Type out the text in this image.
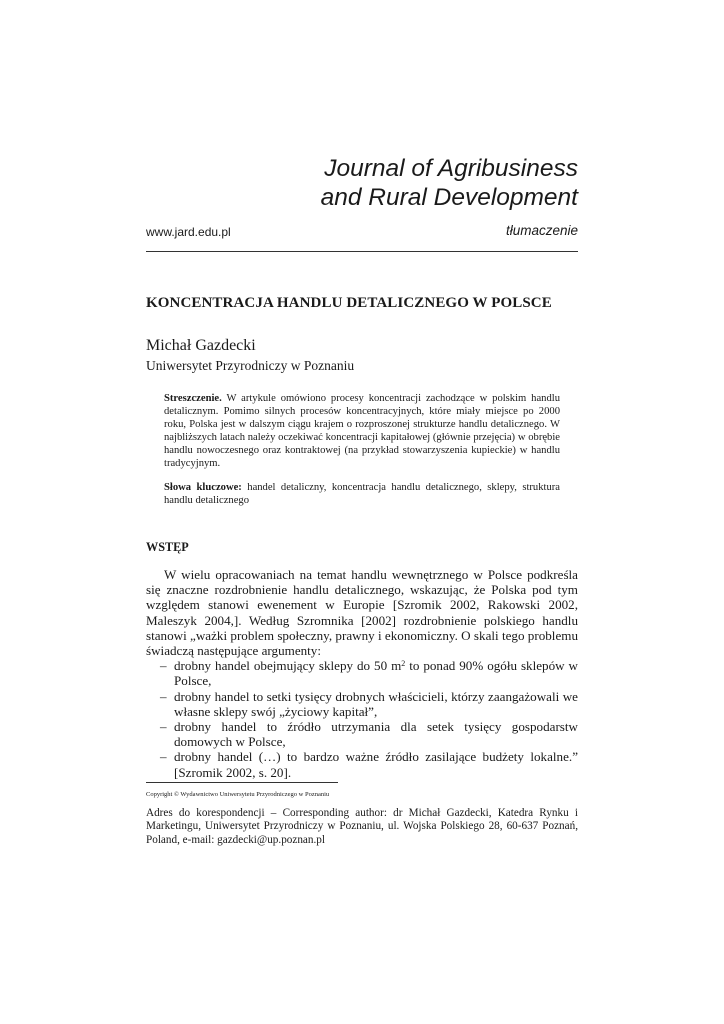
Journal of Agribusiness
and Rural Development
www.jard.edu.pl	tłumaczenie
KONCENTRACJA HANDLU DETALICZNEGO W POLSCE
Michał Gazdecki
Uniwersytet Przyrodniczy w Poznaniu
Streszczenie. W artykule omówiono procesy koncentracji zachodzące w polskim handlu detalicznym. Pomimo silnych procesów koncentracyjnych, które miały miejsce po 2000 roku, Polska jest w dalszym ciągu krajem o rozproszonej strukturze handlu detalicznego. W najbliższych latach należy oczekiwać koncentracji kapitałowej (głównie przejęcia) w obrębie handlu nowoczesnego oraz kontraktowej (na przykład stowarzyszenia kupieckie) w handlu tradycyjnym.
Słowa kluczowe: handel detaliczny, koncentracja handlu detalicznego, sklepy, struktura handlu detalicznego
WSTĘP

W wielu opracowaniach na temat handlu wewnętrznego w Polsce podkreśla się znaczne rozdrobnienie handlu detalicznego, wskazując, że Polska pod tym względem stanowi ewenement w Europie [Szromik 2002, Rakowski 2002, Maleszyk 2004,]. Według Szromnika [2002] rozdrobnienie polskiego handlu stanowi „ważki problem społeczny, prawny i ekonomiczny. O skali tego problemu świadczą następujące argumenty:

– drobny handel obejmujący sklepy do 50 $m^2$ to ponad 90% ogółu sklepów w Polsce,
– drobny handel to setki tysięcy drobnych właścicieli, którzy zaangażowali we własne sklepy swój „życiowy kapitał”,
– drobny handel to źródło utrzymania dla setek tysięcy gospodarstw domowych w Polsce,
– drobny handel (…) to bardzo ważne źródło zasilające budżety lokalne.” [Szromik 2002, s. 20].
Copyright © Wydawnictwo Uniwersytetu Przyrodniczego w Poznaniu
Adres do korespondencji – Corresponding author: dr Michał Gazdecki, Katedra Rynku i Marketingu, Uniwersytet Przyrodniczy w Poznaniu, ul. Wojska Polskiego 28, 60-637 Poznań, Poland, e-mail: gazdecki@up.poznan.pl
